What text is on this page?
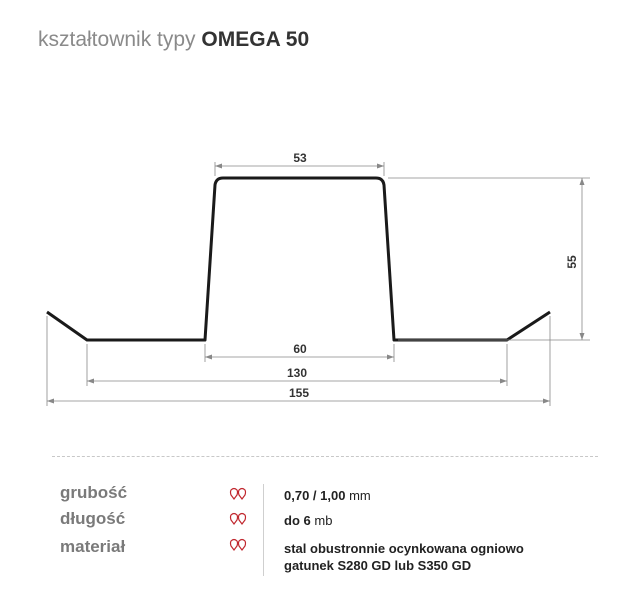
kształtownik typy OMEGA 50
53
60
130
155
55
grubość	0,70 / 1,00 mm
długość	do 6 mb
materiał	stal obustronnie ocynkowana ogniowo
gatunek S280 GD lub S350 GD
